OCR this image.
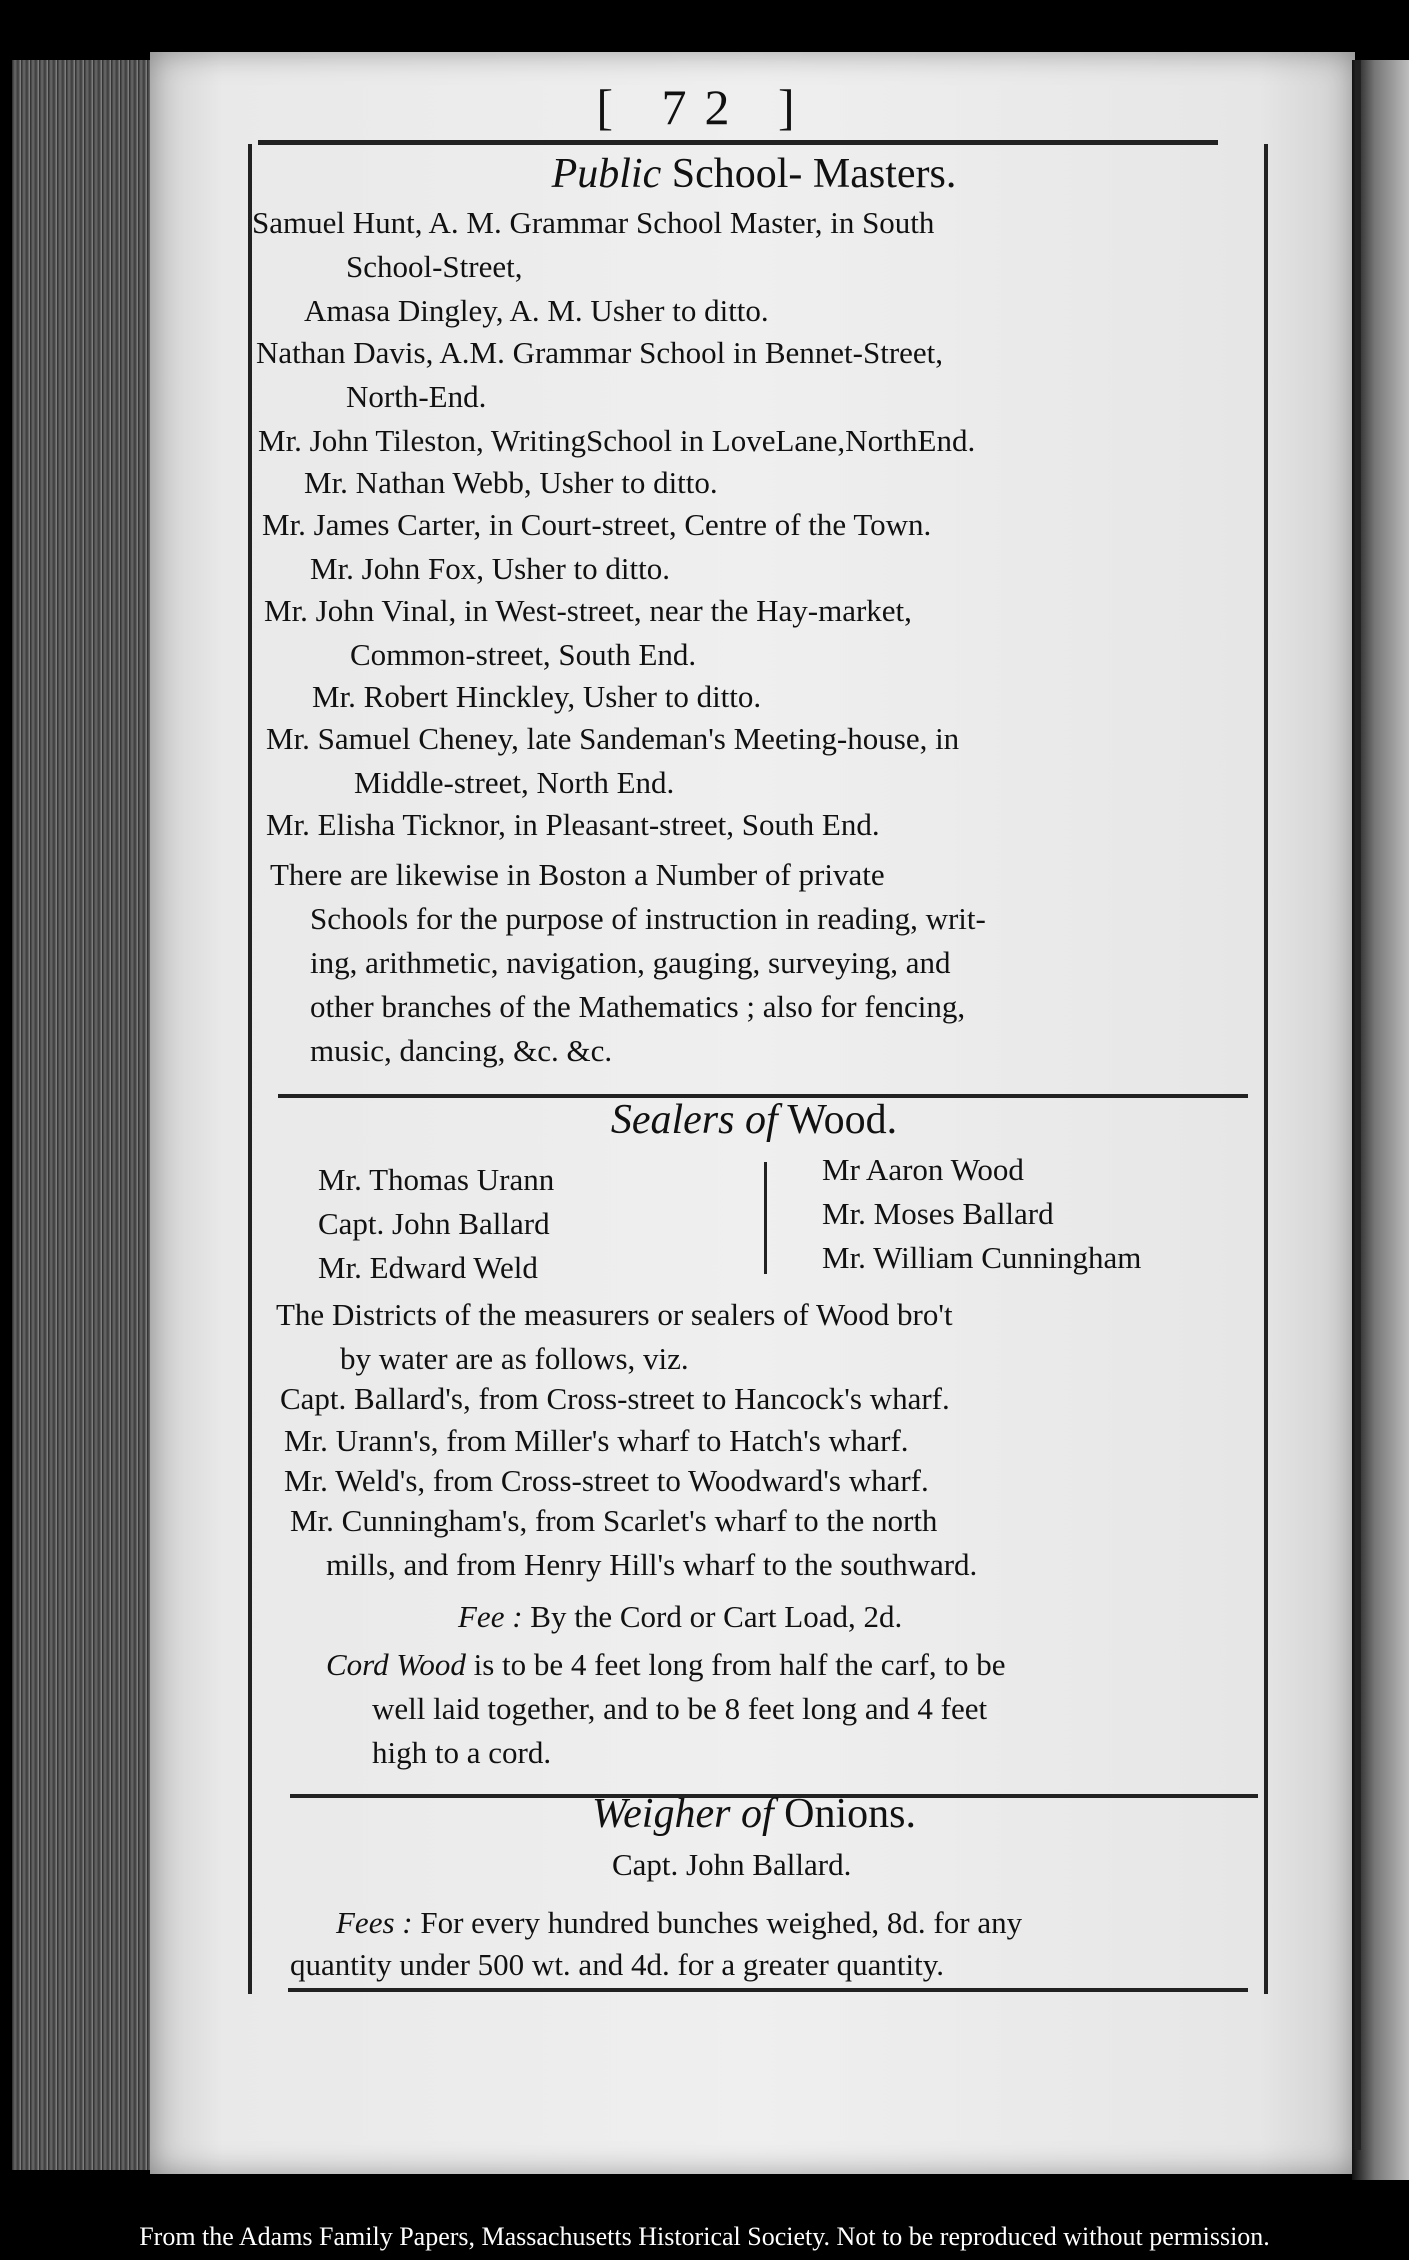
[ 72 ]
Public School- Masters.
Samuel Hunt, A. M. Grammar School Master, in South
School-Street,
Amasa Dingley, A. M. Usher to ditto.
Nathan Davis, A.M. Grammar School in Bennet-Street,
North-End.
Mr. John Tileston, WritingSchool in LoveLane,NorthEnd.
Mr. Nathan Webb, Usher to ditto.
Mr. James Carter, in Court-street, Centre of the Town.
Mr. John Fox, Usher to ditto.
Mr. John Vinal, in West-street, near the Hay-market,
Common-street, South End.
Mr. Robert Hinckley, Usher to ditto.
Mr. Samuel Cheney, late Sandeman's Meeting-house, in
Middle-street, North End.
Mr. Elisha Ticknor, in Pleasant-street, South End.
There are likewise in Boston a Number of private
Schools for the purpose of instruction in reading, writ-
ing, arithmetic, navigation, gauging, surveying, and
other branches of the Mathematics ; also for fencing,
music, dancing, &c. &c.
Sealers of Wood.
Mr. Thomas Urann
Capt. John Ballard
Mr. Edward Weld
Mr Aaron Wood
Mr. Moses Ballard
Mr. William Cunningham
The Districts of the measurers or sealers of Wood bro't
by water are as follows, viz.
Capt. Ballard's, from Cross-street to Hancock's wharf.
Mr. Urann's, from Miller's wharf to Hatch's wharf.
Mr. Weld's, from Cross-street to Woodward's wharf.
Mr. Cunningham's, from Scarlet's wharf to the north
mills, and from Henry Hill's wharf to the southward.
Fee : By the Cord or Cart Load, 2d.
Cord Wood is to be 4 feet long from half the carf, to be
well laid together, and to be 8 feet long and 4 feet
high to a cord.
Weigher of Onions.
Capt. John Ballard.
Fees : For every hundred bunches weighed, 8d. for any
quantity under 500 wt. and 4d. for a greater quantity.
From the Adams Family Papers, Massachusetts Historical Society. Not to be reproduced without permission.
